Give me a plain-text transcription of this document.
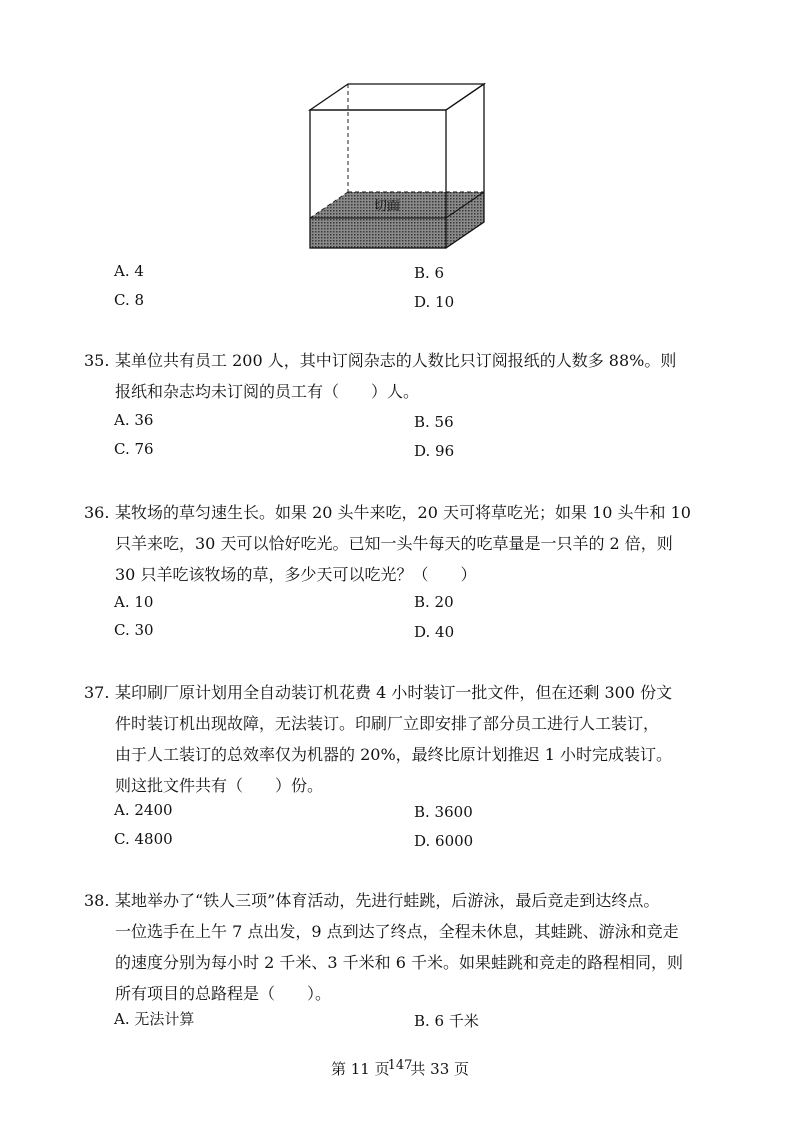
切面
A. 4	B. 6
C. 8	D. 10
35. 某单位共有员工 200 人，其中订阅杂志的人数比只订阅报纸的人数多 88%。则
报纸和杂志均未订阅的员工有（　　）人。
A. 36	B. 56
C. 76	D. 96
36. 某牧场的草匀速生长。如果 20 头牛来吃，20 天可将草吃光；如果 10 头牛和 10
只羊来吃，30 天可以恰好吃光。已知一头牛每天的吃草量是一只羊的 2 倍，则
30 只羊吃该牧场的草，多少天可以吃光？（　　）
A. 10	B. 20
C. 30	D. 40
37. 某印刷厂原计划用全自动装订机花费 4 小时装订一批文件，但在还剩 300 份文
件时装订机出现故障，无法装订。印刷厂立即安排了部分员工进行人工装订，
由于人工装订的总效率仅为机器的 20%，最终比原计划推迟 1 小时完成装订。
则这批文件共有（　　）份。
A. 2400	B. 3600
C. 4800	D. 6000
38. 某地举办了“铁人三项”体育活动，先进行蛙跳，后游泳，最后竞走到达终点。
一位选手在上午 7 点出发，9 点到达了终点，全程未休息，其蛙跳、游泳和竞走
的速度分别为每小时 2 千米、3 千米和 6 千米。如果蛙跳和竞走的路程相同，则
所有项目的总路程是（　　）。
A. 无法计算	B. 6 千米
第 11 页147共 33 页
